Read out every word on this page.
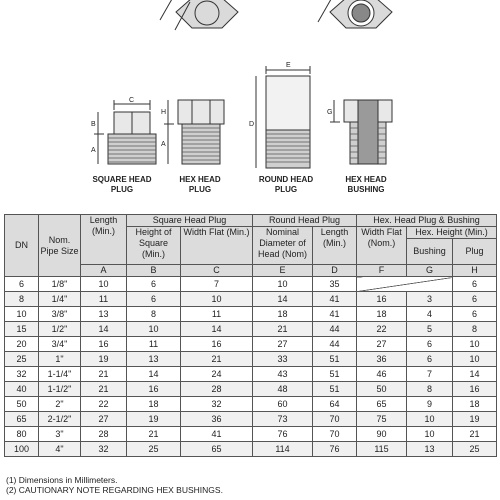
C
B
A
H
A
E
D
G
SQUARE HEAD
PLUG
HEX HEAD
PLUG
ROUND HEAD
PLUG
HEX HEAD
BUSHING
DN	Nom. Pipe Size	Length (Min.)	Square Head Plug		Round Head Plug		Hex. Head Plug & Bushing		
			Height of Square (Min.)	Width Flat (Min.)	Nominal Diameter of Head (Nom)	Length (Min.)	Width Flat (Nom.)	Hex. Height (Min.)	
								Bushing	Plug
		A	B	C	E	D	F	G	H
6	1/8"	10	6	7	10	35			6
8	1/4"	11	6	10	14	41	16	3	6
10	3/8"	13	8	11	18	41	18	4	6
15	1/2"	14	10	14	21	44	22	5	8
20	3/4"	16	11	16	27	44	27	6	10
25	1"	19	13	21	33	51	36	6	10
32	1-1/4"	21	14	24	43	51	46	7	14
40	1-1/2"	21	16	28	48	51	50	8	16
50	2"	22	18	32	60	64	65	9	18
65	2-1/2"	27	19	36	73	70	75	10	19
80	3"	28	21	41	76	70	90	10	21
100	4"	32	25	65	114	76	115	13	25
(1) Dimensions in Millimeters.
(2) CAUTIONARY NOTE REGARDING HEX BUSHINGS.
